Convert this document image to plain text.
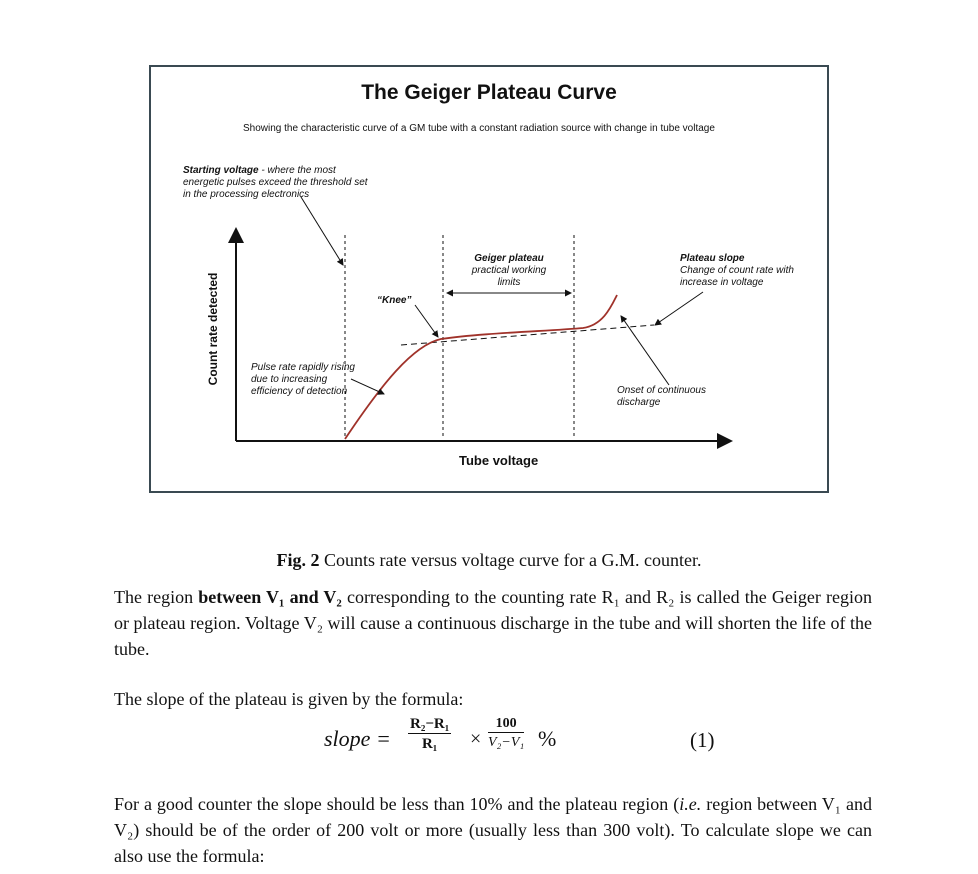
The Geiger Plateau Curve
Showing the characteristic curve of a GM tube with a constant radiation source with change in tube voltage
Starting voltage - where the most
energetic pulses exceed the threshold set
in the processing electronics
“Knee”
Geiger plateau
practical working
limits
Plateau slope
Change of count rate with
increase in voltage
Pulse rate rapidly rising
due to increasing
efficiency of detection	Onset of continuous
discharge
Count rate detected
Tube voltage
Fig. 2 Counts rate versus voltage curve for a G.M. counter.
The region between V₁ and V₂ corresponding to the counting rate R₁ and R₂ is called the Geiger region or plateau region. Voltage V₂ will cause a continuous discharge in the tube and will shorten the life of the tube.
The slope of the plateau is given by the formula:
slope = $\frac{\text{R₂−R₁}}{\text{R₁}} \times \frac{100}{\text{V₂−V₁}}$ %	(1)
For a good counter the slope should be less than 10% and the plateau region (i.e. region between V₁ and V₂) should be of the order of 200 volt or more (usually less than 300 volt). To calculate slope we can also use the formula:
